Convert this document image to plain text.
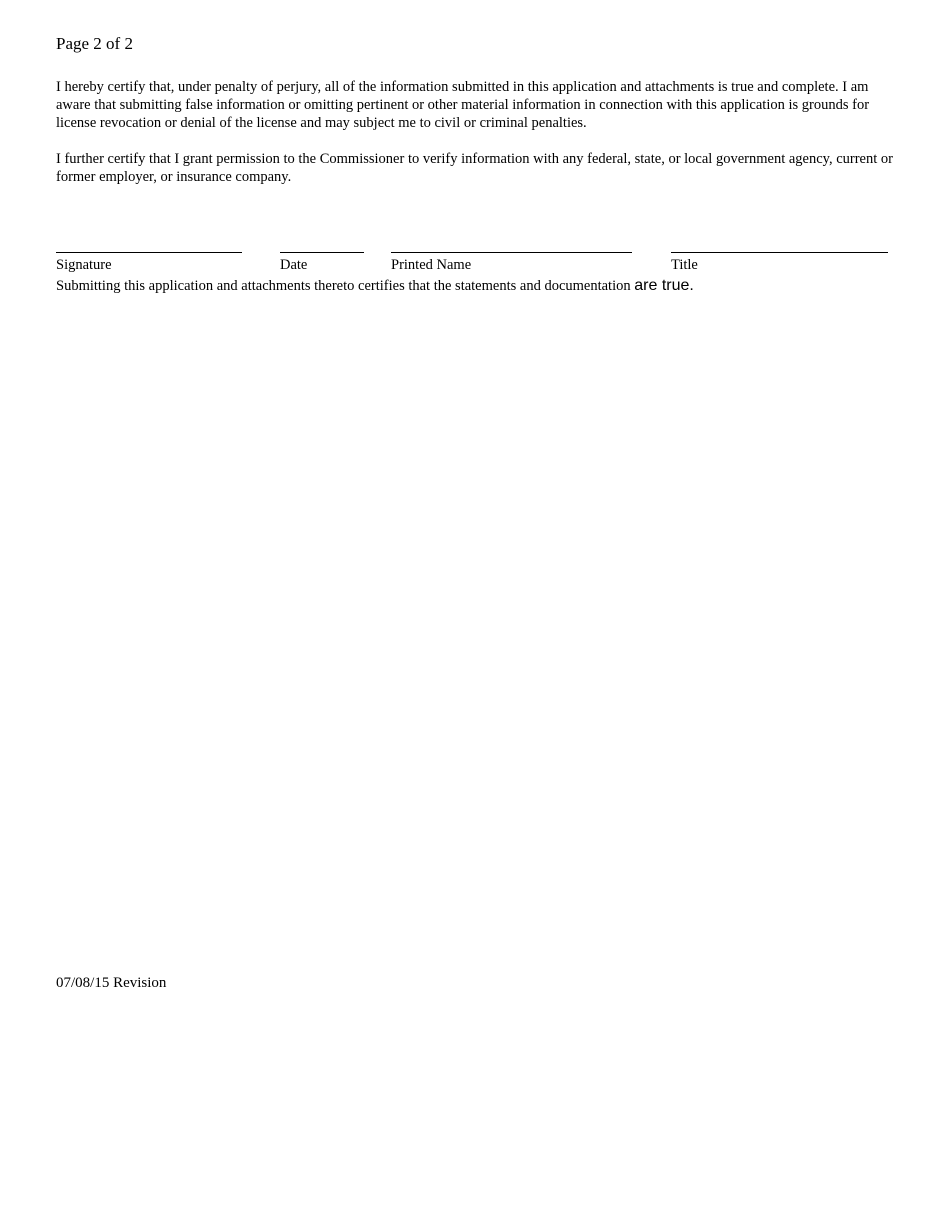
Page 2 of 2

I hereby certify that, under penalty of perjury, all of the information submitted in this application and attachments is true and complete. I am aware that submitting false information or omitting pertinent or other material information in connection with this application is grounds for license revocation or denial of the license and may subject me to civil or criminal penalties.

I further certify that I grant permission to the Commissioner to verify information with any federal, state, or local government agency, current or former employer, or insurance company.

Signature	Date	Printed Name	Title
Submitting this application and attachments thereto certifies that the statements and documentation are true.
07/08/15 Revision
